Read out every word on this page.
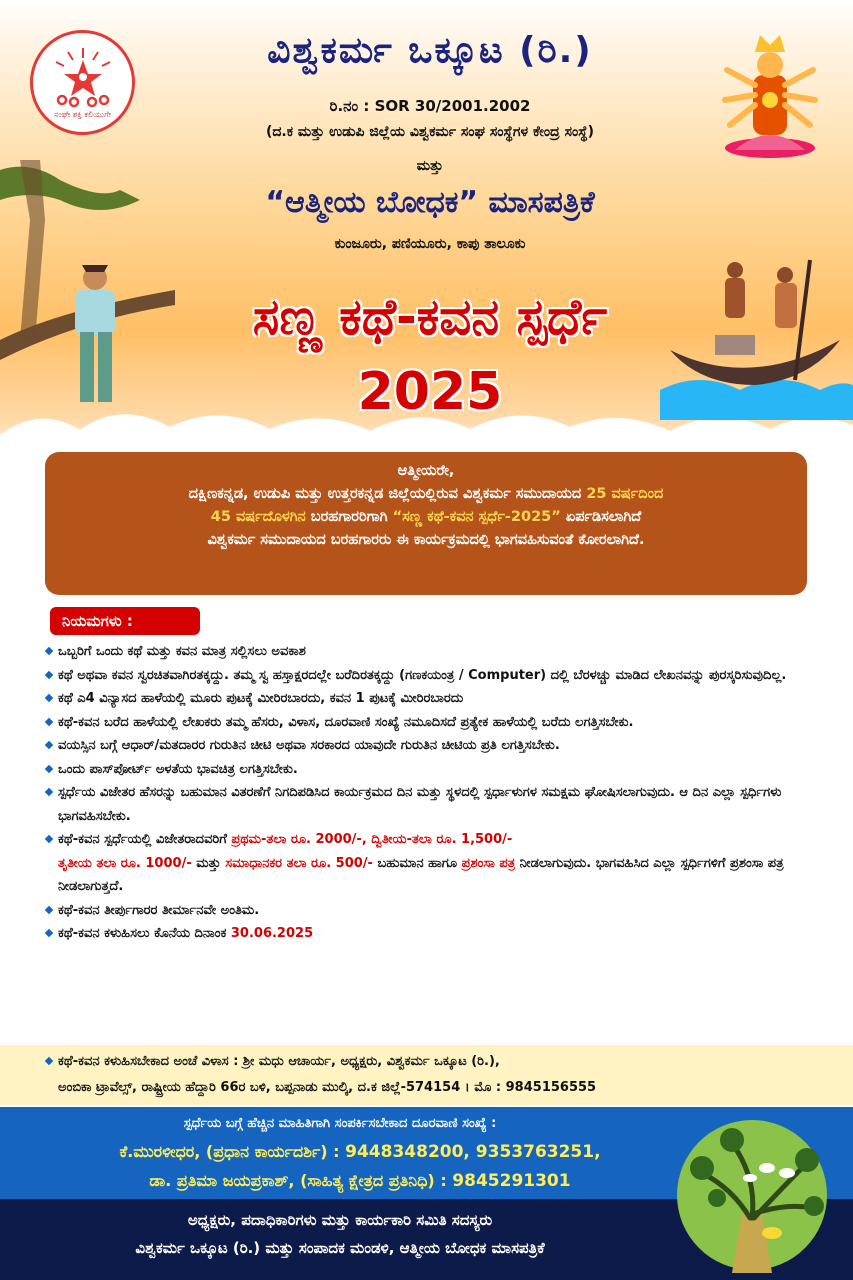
ಸಂಘೇ ಶಕ್ತಿ ಕಲಿಯುಗೇ
ವಿಶ್ವಕರ್ಮ ಒಕ್ಕೂಟ (ರಿ.)
ರಿ.ನಂ : SOR 30/2001.2002
(ದ.ಕ ಮತ್ತು ಉಡುಪಿ ಜಿಲ್ಲೆಯ ವಿಶ್ವಕರ್ಮ ಸಂಘ ಸಂಸ್ಥೆಗಳ ಕೇಂದ್ರ ಸಂಸ್ಥೆ)
ಮತ್ತು
“ಆತ್ಮೀಯ ಬೋಧಕ” ಮಾಸಪತ್ರಿಕೆ
ಕುಂಜೂರು, ಪಣಿಯೂರು, ಕಾಪು ತಾಲೂಕು
ಸಣ್ಣ ಕಥೆ-ಕವನ ಸ್ಪರ್ಧೆ
2025
ಆತ್ಮೀಯರೇ,
ದಕ್ಷಿಣಕನ್ನಡ, ಉಡುಪಿ ಮತ್ತು ಉತ್ತರಕನ್ನಡ ಜಿಲ್ಲೆಯಲ್ಲಿರುವ ವಿಶ್ವಕರ್ಮ ಸಮುದಾಯದ 25 ವರ್ಷದಿಂದ
45 ವರ್ಷದೊಳಗಿನ ಬರಹಗಾರರಿಗಾಗಿ “ಸಣ್ಣ ಕಥೆ-ಕವನ ಸ್ಪರ್ಧೆ-2025” ಏರ್ಪಡಿಸಲಾಗಿದೆ
ವಿಶ್ವಕರ್ಮ ಸಮುದಾಯದ ಬರಹಗಾರರು ಈ ಕಾರ್ಯಕ್ರಮದಲ್ಲಿ ಭಾಗವಹಿಸುವಂತೆ ಕೋರಲಾಗಿದೆ.
ನಿಯಮಗಳು :
ಒಬ್ಬರಿಗೆ ಒಂದು ಕಥೆ ಮತ್ತು ಕವನ ಮಾತ್ರ ಸಲ್ಲಿಸಲು ಅವಕಾಶ
ಕಥೆ ಅಥವಾ ಕವನ ಸ್ವರಚಿತವಾಗಿರತಕ್ಕದ್ದು. ತಮ್ಮ ಸ್ವ ಹಸ್ತಾಕ್ಷರದಲ್ಲೇ ಬರೆದಿರತಕ್ಕದ್ದು (ಗಣಕಯಂತ್ರ / Computer) ದಲ್ಲಿ ಬೆರಳಚ್ಚು ಮಾಡಿದ ಲೇಖನವನ್ನು ಪುರಸ್ಕರಿಸುವುದಿಲ್ಲ.
ಕಥೆ ಎ4 ವಿನ್ಯಾಸದ ಹಾಳೆಯಲ್ಲಿ ಮೂರು ಪುಟಕ್ಕೆ ಮೀರಿರಬಾರದು, ಕವನ 1 ಪುಟಕ್ಕೆ ಮೀರಿರಬಾರದು
ಕಥೆ-ಕವನ ಬರೆದ ಹಾಳೆಯಲ್ಲಿ ಲೇಖಕರು ತಮ್ಮ ಹೆಸರು, ವಿಳಾಸ, ದೂರವಾಣಿ ಸಂಖ್ಯೆ ನಮೂದಿಸದೆ ಪ್ರತ್ಯೇಕ ಹಾಳೆಯಲ್ಲಿ ಬರೆದು ಲಗತ್ತಿಸಬೇಕು.
ವಯಸ್ಸಿನ ಬಗ್ಗೆ ಆಧಾರ್/ಮತದಾರರ ಗುರುತಿನ ಚೀಟಿ ಅಥವಾ ಸರಕಾರದ ಯಾವುದೇ ಗುರುತಿನ ಚೀಟಿಯ ಪ್ರತಿ ಲಗತ್ತಿಸಬೇಕು.
ಒಂದು ಪಾಸ್‌ಪೋರ್ಟ್ ಅಳತೆಯ ಭಾವಚಿತ್ರ ಲಗತ್ತಿಸಬೇಕು.
ಸ್ಪರ್ಧೆಯ ವಿಜೇತರ ಹೆಸರನ್ನು ಬಹುಮಾನ ವಿತರಣೆಗೆ ನಿಗದಿಪಡಿಸಿದ ಕಾರ್ಯಕ್ರಮದ ದಿನ ಮತ್ತು ಸ್ಥಳದಲ್ಲಿ ಸ್ಪರ್ಧಾಳುಗಳ ಸಮಕ್ಷಮ ಘೋಷಿಸಲಾಗುವುದು. ಆ ದಿನ ಎಲ್ಲಾ ಸ್ಪರ್ಧಿಗಳು ಭಾಗವಹಿಸಬೇಕು.
ಕಥೆ-ಕವನ ಸ್ಪರ್ಧೆಯಲ್ಲಿ ವಿಜೇತರಾದವರಿಗೆ ಪ್ರಥಮ-ತಲಾ ರೂ. 2000/-, ದ್ವಿತೀಯ-ತಲಾ ರೂ. 1,500/-
ತೃತೀಯ ತಲಾ ರೂ. 1000/- ಮತ್ತು ಸಮಾಧಾನಕರ ತಲಾ ರೂ. 500/- ಬಹುಮಾನ ಹಾಗೂ ಪ್ರಶಂಸಾ ಪತ್ರ ನೀಡಲಾಗುವುದು. ಭಾಗವಹಿಸಿದ ಎಲ್ಲಾ ಸ್ಪರ್ಧಿಗಳಿಗೆ ಪ್ರಶಂಸಾ ಪತ್ರ ನೀಡಲಾಗುತ್ತದೆ.
ಕಥೆ-ಕವನ ತೀರ್ಪುಗಾರರ ತೀರ್ಮಾನವೇ ಅಂತಿಮ.
ಕಥೆ-ಕವನ ಕಳುಹಿಸಲು ಕೊನೆಯ ದಿನಾಂಕ 30.06.2025
ಕಥೆ-ಕವನ ಕಳುಹಿಸಬೇಕಾದ ಅಂಚೆ ವಿಳಾಸ : ಶ್ರೀ ಮಧು ಆಚಾರ್ಯ, ಅಧ್ಯಕ್ಷರು, ವಿಶ್ವಕರ್ಮ ಒಕ್ಕೂಟ (ರಿ.),
ಅಂಬಿಕಾ ಟ್ರಾವೆಲ್ಸ್, ರಾಷ್ಟ್ರೀಯ ಹೆದ್ದಾರಿ 66ರ ಬಳಿ, ಬಪ್ಪನಾಡು ಮುಲ್ಕಿ, ದ.ಕ ಜಿಲ್ಲೆ-574154 । ಮೊ : 9845156555
ಸ್ಪರ್ಧೆಯ ಬಗ್ಗೆ ಹೆಚ್ಚಿನ ಮಾಹಿತಿಗಾಗಿ ಸಂಪರ್ಕಿಸಬೇಕಾದ ದೂರವಾಣಿ ಸಂಖ್ಯೆ :
ಕೆ.ಮುರಳೀಧರ, (ಪ್ರಧಾನ ಕಾರ್ಯದರ್ಶಿ) : 9448348200, 9353763251,
ಡಾ. ಪ್ರತಿಮಾ ಜಯಪ್ರಕಾಶ್, (ಸಾಹಿತ್ಯ ಕ್ಷೇತ್ರದ ಪ್ರತಿನಿಧಿ) : 9845291301
ಅಧ್ಯಕ್ಷರು, ಪದಾಧಿಕಾರಿಗಳು ಮತ್ತು ಕಾರ್ಯಕಾರಿ ಸಮಿತಿ ಸದಸ್ಯರು
ವಿಶ್ವಕರ್ಮ ಒಕ್ಕೂಟ (ರಿ.) ಮತ್ತು ಸಂಪಾದಕ ಮಂಡಳಿ, ಆತ್ಮೀಯ ಬೋಧಕ ಮಾಸಪತ್ರಿಕೆ
